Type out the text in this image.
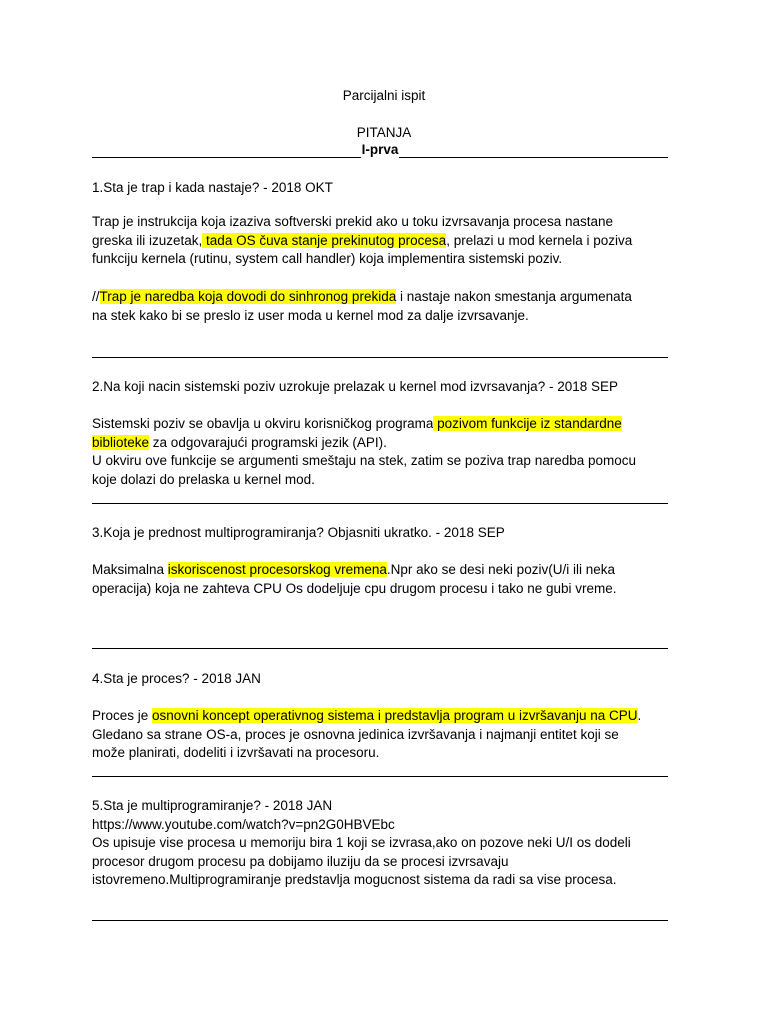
Parcijalni ispit

PITANJA

I-prva

1.Sta je trap i kada nastaje? - 2018 OKT

Trap je instrukcija koja izaziva softverski prekid ako u toku izvrsavanja procesa nastane

greska ili izuzetak, tada OS čuva stanje prekinutog procesa, prelazi u mod kernela i poziva

funkciju kernela (rutinu, system call handler) koja implementira sistemski poziv.

//Trap je naredba koja dovodi do sinhronog prekida i nastaje nakon smestanja argumenata

na stek kako bi se preslo iz user moda u kernel mod za dalje izvrsavanje.

2.Na koji nacin sistemski poziv uzrokuje prelazak u kernel mod izvrsavanja? - 2018 SEP

Sistemski poziv se obavlja u okviru korisničkog programa pozivom funkcije iz standardne

biblioteke za odgovarajući programski jezik (API).

U okviru ove funkcije se argumenti smeštaju na stek, zatim se poziva trap naredba pomocu

koje dolazi do prelaska u kernel mod.

3.Koja je prednost multiprogramiranja? Objasniti ukratko. - 2018 SEP

Maksimalna iskoriscenost procesorskog vremena.Npr ako se desi neki poziv(U/i ili neka

operacija) koja ne zahteva CPU Os dodeljuje cpu drugom procesu i tako ne gubi vreme.

4.Sta je proces? - 2018 JAN

Proces je osnovni koncept operativnog sistema i predstavlja program u izvršavanju na CPU.

Gledano sa strane OS-a, proces je osnovna jedinica izvršavanja i najmanji entitet koji se

može planirati, dodeliti i izvršavati na procesoru.

5.Sta je multiprogramiranje? - 2018 JAN

https://www.youtube.com/watch?v=pn2G0HBVEbc

Os upisuje vise procesa u memoriju bira 1 koji se izvrasa,ako on pozove neki U/I os dodeli

procesor drugom procesu pa dobijamo iluziju da se procesi izvrsavaju

istovremeno.Multiprogramiranje predstavlja mogucnost sistema da radi sa vise procesa.
